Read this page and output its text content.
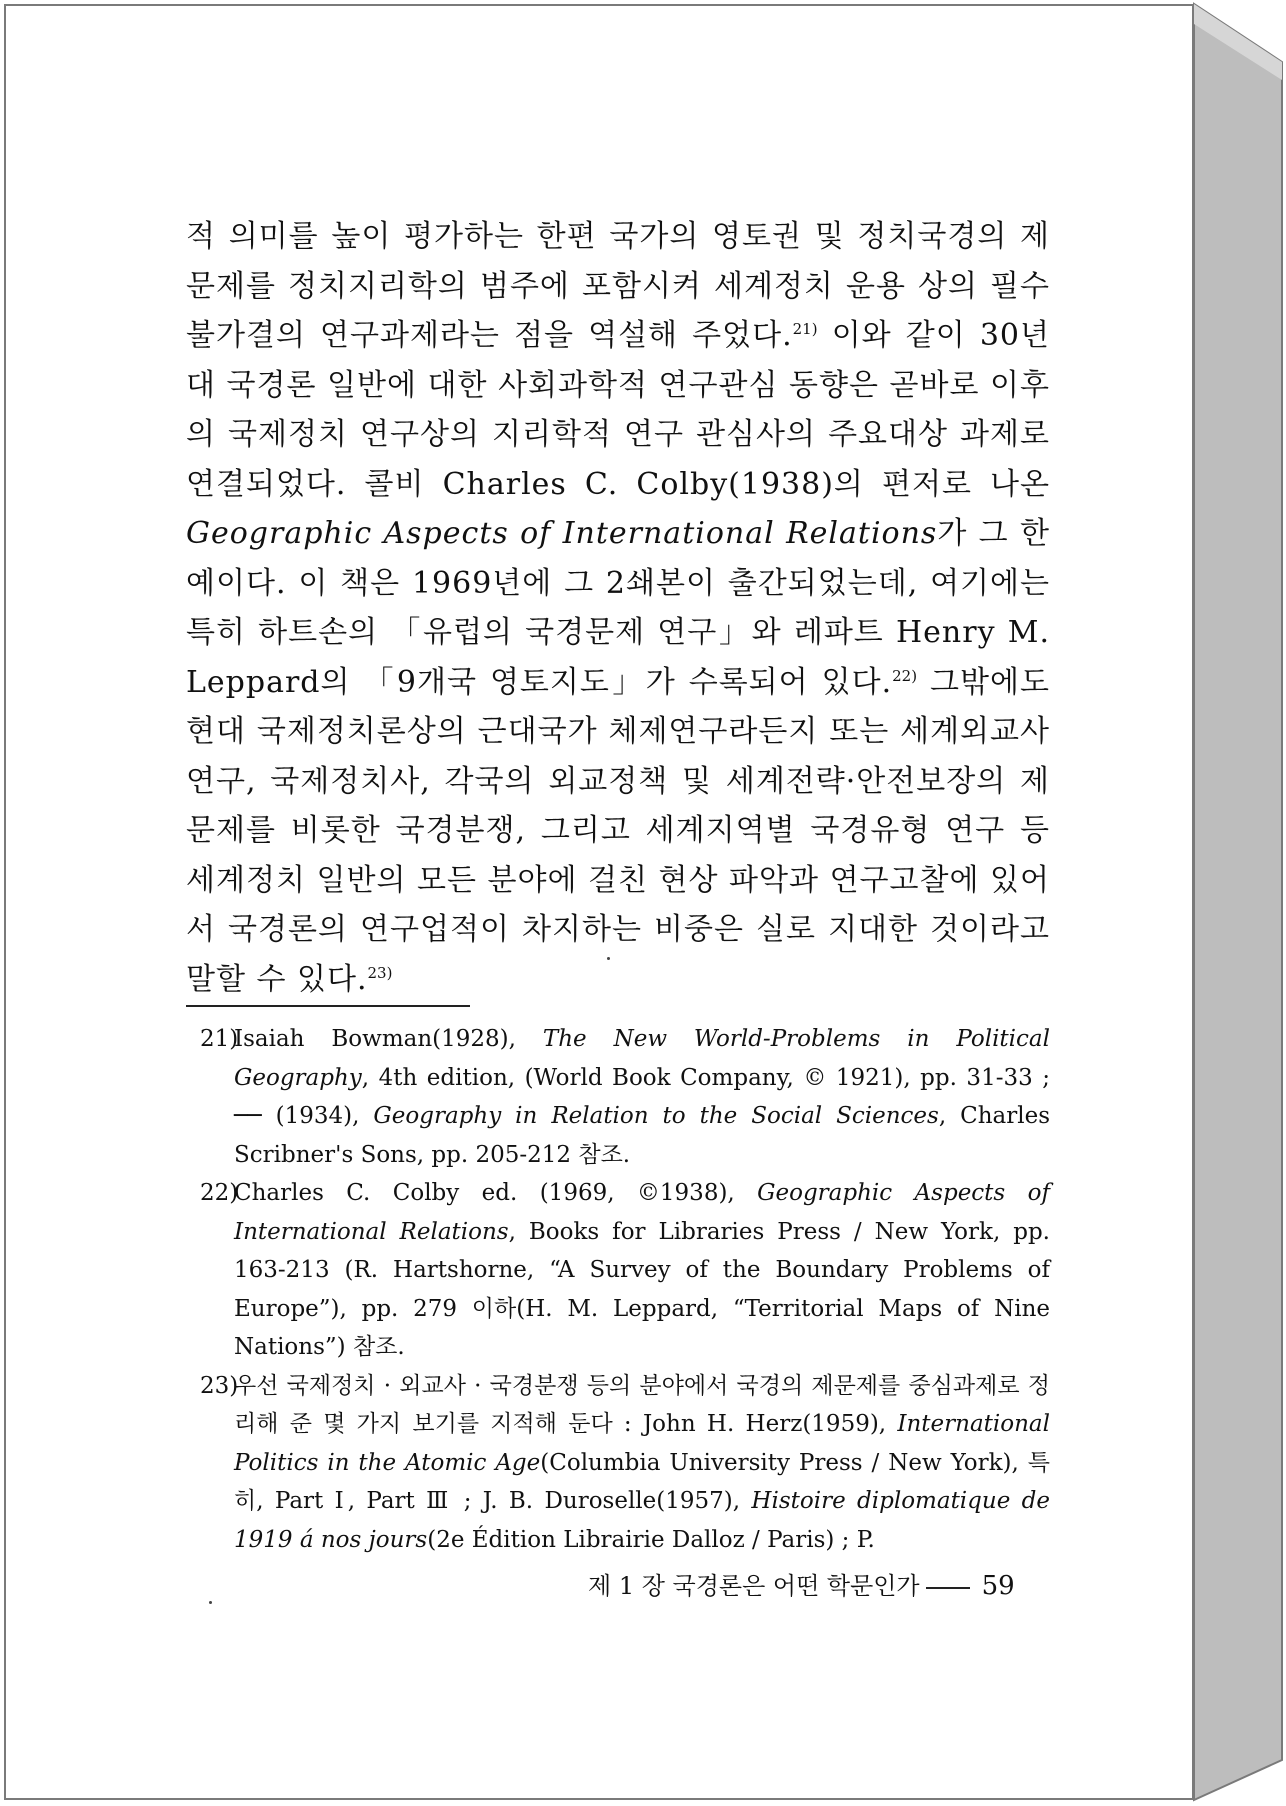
적 의미를 높이 평가하는 한편 국가의 영토권 및 정치국경의 제문제를 정치지리학의 범주에 포함시켜 세계정치 운용 상의 필수 불가결의 연구과제라는 점을 역설해 주었다.$^{21)}$ 이와 같이 30년대 국경론 일반에 대한 사회과학적 연구관심 동향은 곧바로 이후의 국제정치 연구상의 지리학적 연구 관심사의 주요대상 과제로 연결되었다. 콜비 Charles C. Colby(1938)의 편저로 나온 Geographic Aspects of International Relations가 그 한 예이다. 이 책은 1969년에 그 2쇄본이 출간되었는데, 여기에는 특히 하트손의 「유럽의 국경문제 연구」와 레파트 Henry M. Leppard의 「9개국 영토지도」가 수록되어 있다.$^{22)}$ 그밖에도 현대 국제정치론상의 근대국가 체제연구라든지 또는 세계외교사 연구, 국제정치사, 각국의 외교정책 및 세계전략·안전보장의 제문제를 비롯한 국경분쟁, 그리고 세계지역별 국경유형 연구 등 세계정치 일반의 모든 분야에 걸친 현상 파악과 연구고찰에 있어서 국경론의 연구업적이 차지하는 비중은 실로 지대한 것이라고 말할 수 있다.$^{23)}$

21)
Isaiah Bowman(1928), The New World-Problems in Political Geography, 4th edition, (World Book Company, © 1921), pp. 31-33 ; ── (1934), Geography in Relation to the Social Sciences, Charles Scribner's Sons, pp. 205-212 참조.

22)
Charles C. Colby ed. (1969, ©1938), Geographic Aspects of International Relations, Books for Libraries Press / New York, pp. 163-213 (R. Hartshorne, “A Survey of the Boundary Problems of Europe”), pp. 279 이하(H. M. Leppard, “Territorial Maps of Nine Nations”) 참조.

23)
우선 국제정치 · 외교사 · 국경분쟁 등의 분야에서 국경의 제문제를 중심과제로 정리해 준 몇 가지 보기를 지적해 둔다 : John H. Herz(1959), International Politics in the Atomic Age(Columbia University Press / New York), 특히, Part Ⅰ, Part Ⅲ ; J. B. Duroselle(1957), Histoire diplomatique de 1919 á nos jours(2e Édition Librairie Dalloz / Paris) ; P.

제 1 장 국경론은 어떤 학문인가 59
